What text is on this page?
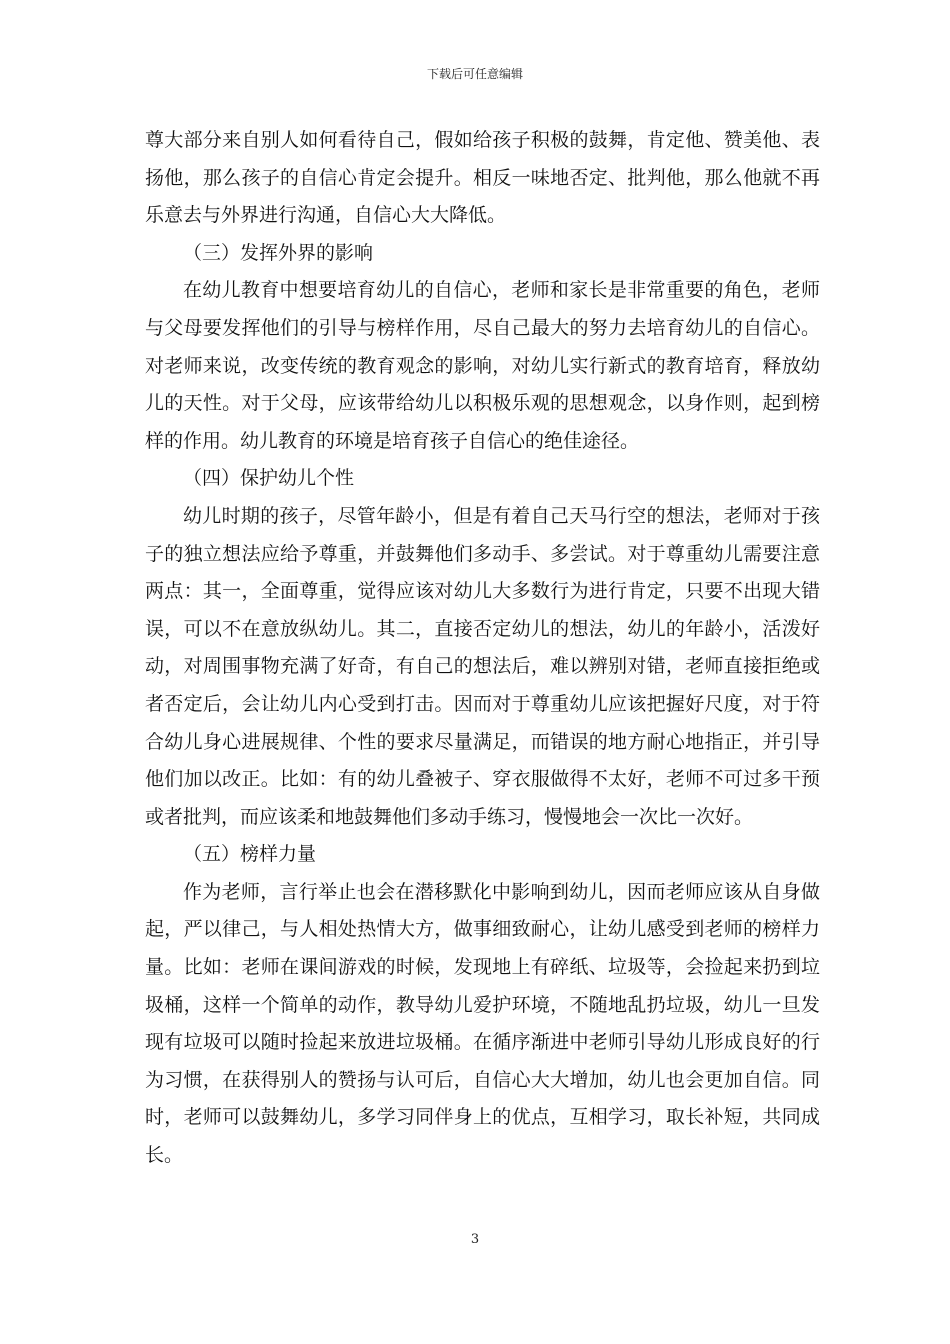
下载后可任意编辑

尊大部分来自别人如何看待自己，假如给孩子积极的鼓舞，肯定他、赞美他、表扬他，那么孩子的自信心肯定会提升。相反一味地否定、批判他，那么他就不再乐意去与外界进行沟通，自信心大大降低。

（三）发挥外界的影响

在幼儿教育中想要培育幼儿的自信心，老师和家长是非常重要的角色，老师与父母要发挥他们的引导与榜样作用，尽自己最大的努力去培育幼儿的自信心。对老师来说，改变传统的教育观念的影响，对幼儿实行新式的教育培育，释放幼儿的天性。对于父母，应该带给幼儿以积极乐观的思想观念，以身作则，起到榜样的作用。幼儿教育的环境是培育孩子自信心的绝佳途径。

（四）保护幼儿个性

幼儿时期的孩子，尽管年龄小，但是有着自己天马行空的想法，老师对于孩子的独立想法应给予尊重，并鼓舞他们多动手、多尝试。对于尊重幼儿需要注意两点：其一，全面尊重，觉得应该对幼儿大多数行为进行肯定，只要不出现大错误，可以不在意放纵幼儿。其二，直接否定幼儿的想法，幼儿的年龄小，活泼好动，对周围事物充满了好奇，有自己的想法后，难以辨别对错，老师直接拒绝或者否定后，会让幼儿内心受到打击。因而对于尊重幼儿应该把握好尺度，对于符合幼儿身心进展规律、个性的要求尽量满足，而错误的地方耐心地指正，并引导他们加以改正。比如：有的幼儿叠被子、穿衣服做得不太好，老师不可过多干预或者批判，而应该柔和地鼓舞他们多动手练习，慢慢地会一次比一次好。

（五）榜样力量

作为老师，言行举止也会在潜移默化中影响到幼儿，因而老师应该从自身做起，严以律己，与人相处热情大方，做事细致耐心，让幼儿感受到老师的榜样力量。比如：老师在课间游戏的时候，发现地上有碎纸、垃圾等，会捡起来扔到垃圾桶，这样一个简单的动作，教导幼儿爱护环境，不随地乱扔垃圾，幼儿一旦发现有垃圾可以随时捡起来放进垃圾桶。在循序渐进中老师引导幼儿形成良好的行为习惯，在获得别人的赞扬与认可后，自信心大大增加，幼儿也会更加自信。同时，老师可以鼓舞幼儿，多学习同伴身上的优点，互相学习，取长补短，共同成长。

3
